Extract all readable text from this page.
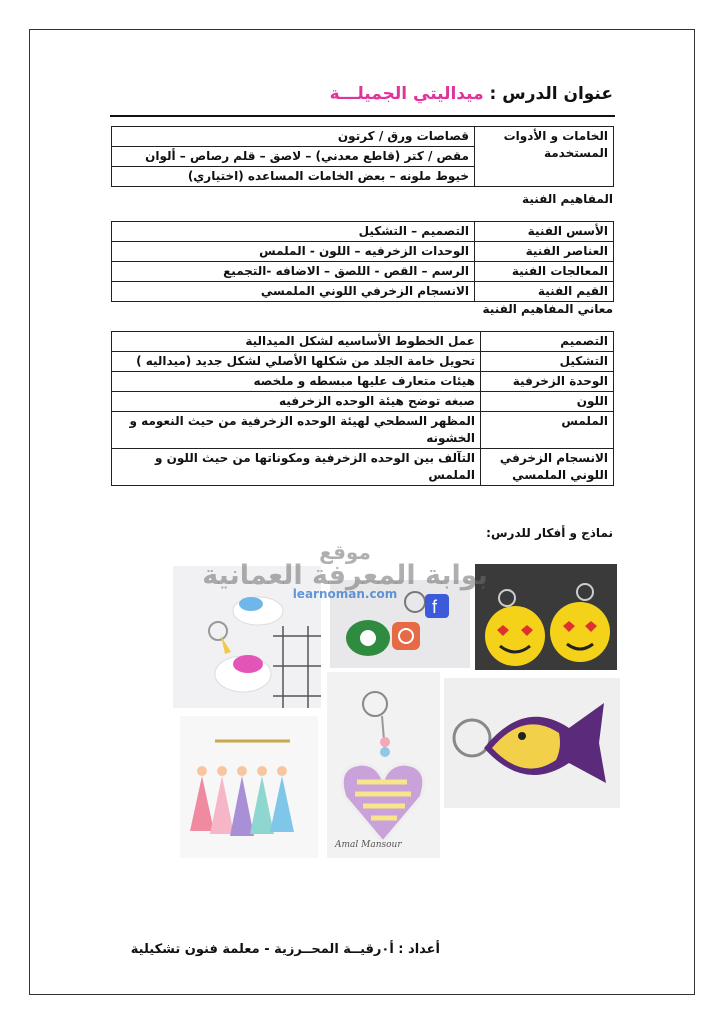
عنوان الدرس : ميداليتي الجميلـــة
الخامات و الأدوات المستخدمة	قصاصات ورق / كرتون
مقص / كتر (قاطع معدني) – لاصق – قلم رصاص – ألوان
خيوط ملونه – بعض الخامات المساعده (اختياري)
المفاهيم الفنية
الأسس الفنية	التصميم – التشكيل
العناصر الفنية	الوحدات الزخرفيه – اللون - الملمس
المعالجات الفنية	الرسم – القص - اللصق – الاضافه -التجميع
القيم الفنية	الانسجام الزخرفي اللوني الملمسي
معاني المفاهيم الفنية
التصميم	عمل الخطوط الأساسيه لشكل الميدالية
التشكيل	تحويل خامة الجلد من شكلها الأصلي لشكل جديد (ميداليه )
الوحدة الزخرفية	هيئات متعارف عليها مبسطه و ملخصه
اللون	صبغه توضح هيئة الوحده الزخرفيه
الملمس	المظهر السطحي لهيئة الوحده الزخرفية من حيث النعومه و الخشونه
الانسجام الزخرفي اللوني الملمسي	التآلف بين الوحده الزخرفية ومكوناتها من حيث اللون و الملمس
نماذج و أفكار للدرس:
f
Amal Mansour
موقع
بوابة المعرفة العمانية
learnoman.com
أعداد : أ٠رقيــة المحــرزية - معلمة فنون تشكيلية
